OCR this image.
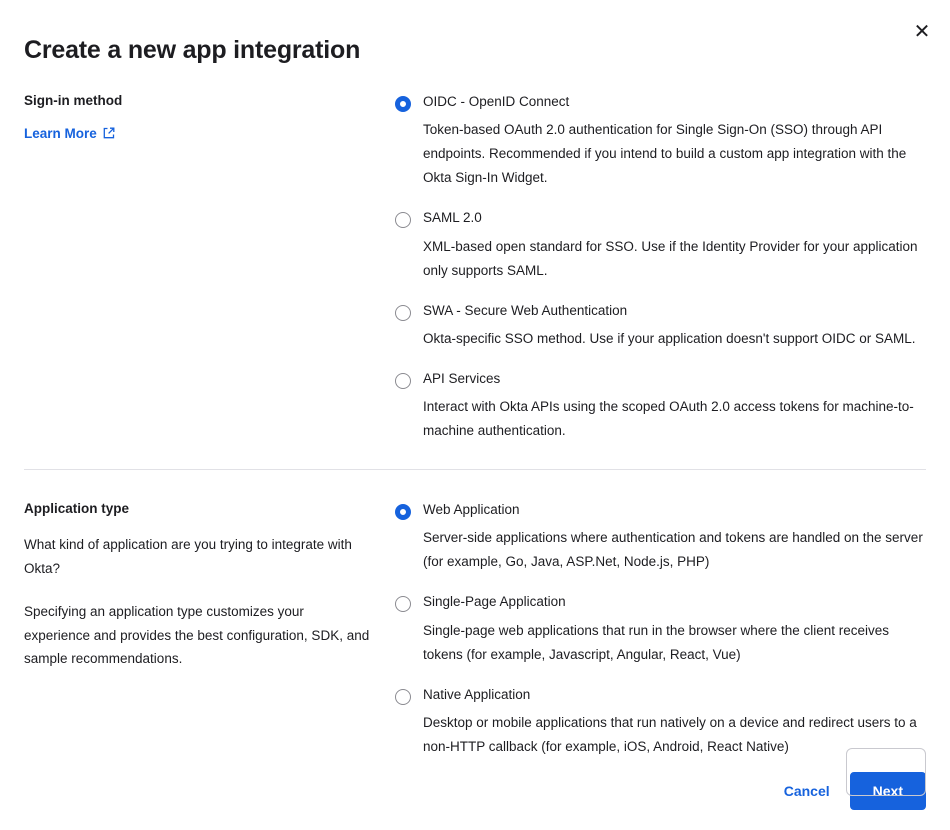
✕
Create a new app integration

Sign-in method

Learn More

OIDC - OpenID Connect

Token-based OAuth 2.0 authentication for Single Sign-On (SSO) through API endpoints. Recommended if you intend to build a custom app integration with the Okta Sign-In Widget.

SAML 2.0

XML-based open standard for SSO. Use if the Identity Provider for your application only supports SAML.

SWA - Secure Web Authentication

Okta-specific SSO method. Use if your application doesn't support OIDC or SAML.

API Services

Interact with Okta APIs using the scoped OAuth 2.0 access tokens for machine-to-machine authentication.

Application type

What kind of application are you trying to integrate with Okta?

Specifying an application type customizes your experience and provides the best configuration, SDK, and sample recommendations.

Web Application

Server-side applications where authentication and tokens are handled on the server (for example, Go, Java, ASP.Net, Node.js, PHP)

Single-Page Application

Single-page web applications that run in the browser where the client receives tokens (for example, Javascript, Angular, React, Vue)

Native Application

Desktop or mobile applications that run natively on a device and redirect users to a non-HTTP callback (for example, iOS, Android, React Native)

Cancel	Next
